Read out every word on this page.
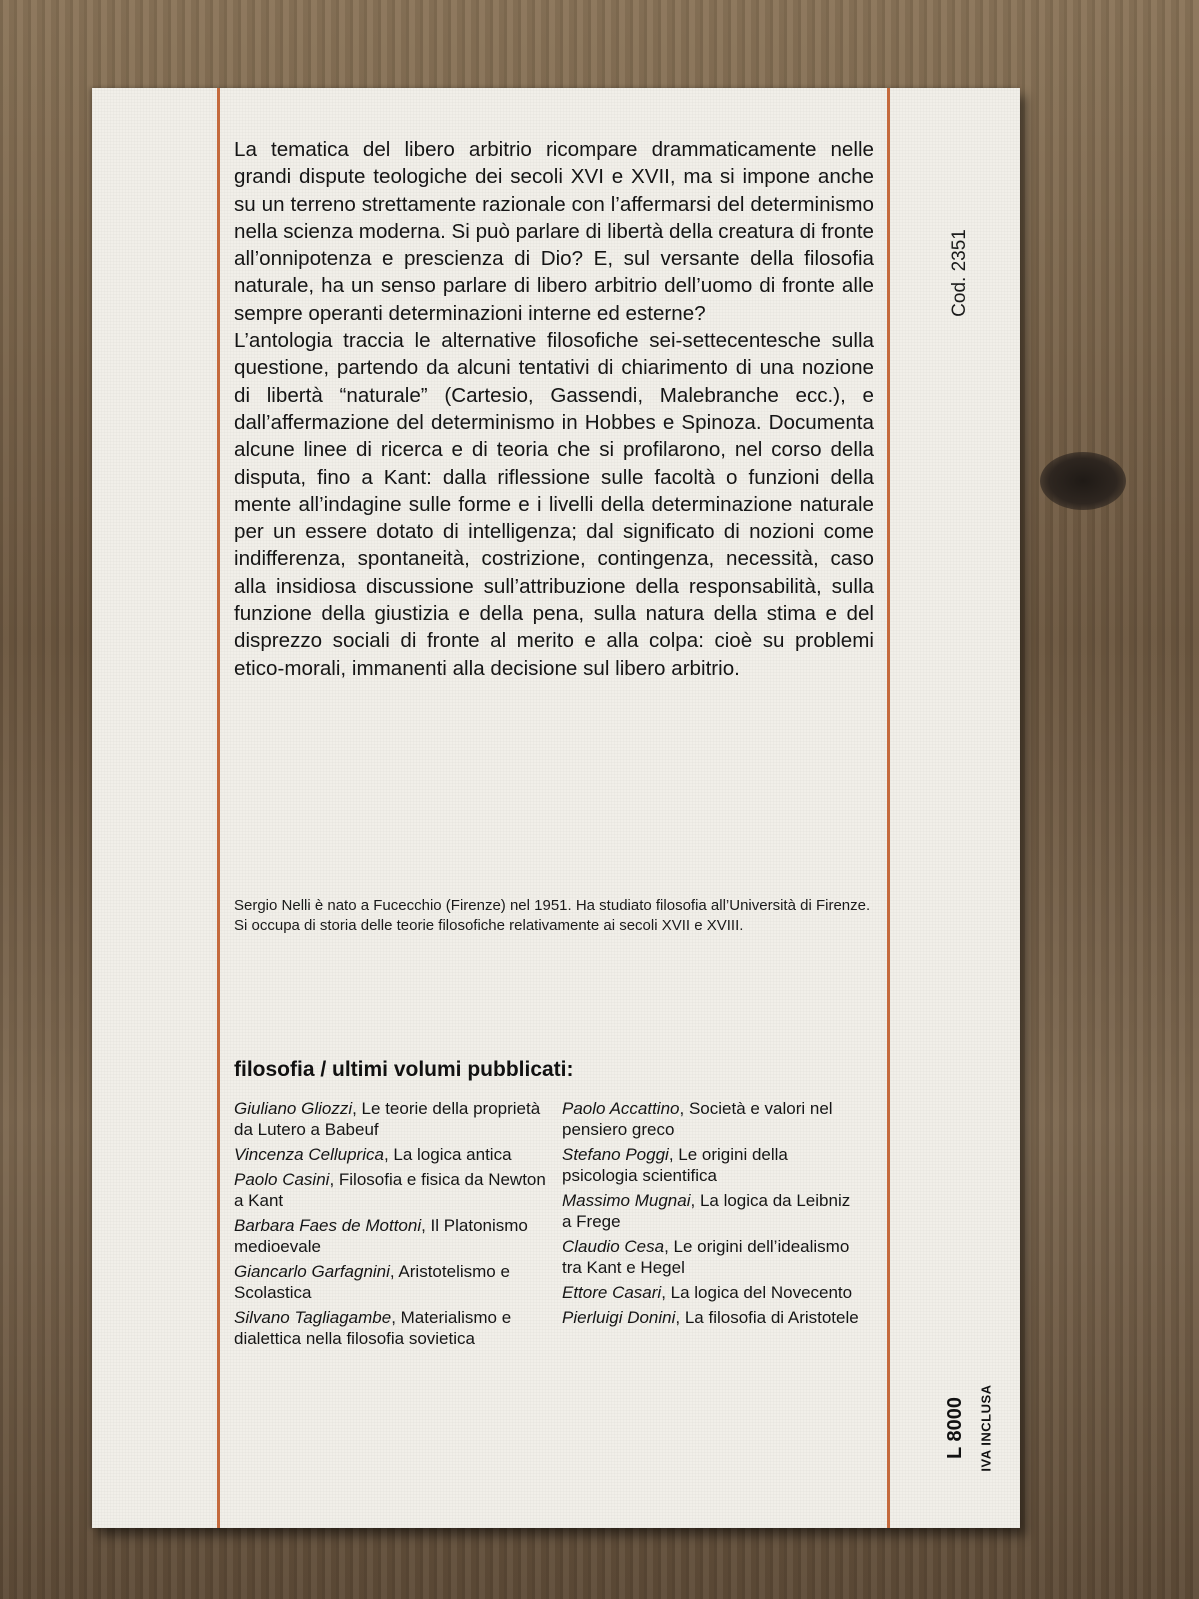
La tematica del libero arbitrio ricompare drammaticamente nelle grandi dispute teologiche dei secoli XVI e XVII, ma si impone anche su un terreno strettamente razionale con l’affermarsi del determinismo nella scienza moderna. Si può parlare di libertà della creatura di fronte all’onnipotenza e prescienza di Dio? E, sul versante della filosofia naturale, ha un senso parlare di libero arbitrio dell’uomo di fronte alle sempre operanti determinazioni interne ed esterne?

L’antologia traccia le alternative filosofiche sei-settecentesche sulla questione, partendo da alcuni tentativi di chiarimento di una nozione di libertà “naturale” (Cartesio, Gassendi, Malebranche ecc.), e dall’affermazione del determinismo in Hobbes e Spinoza. Documenta alcune linee di ricerca e di teoria che si profilarono, nel corso della disputa, fino a Kant: dalla riflessione sulle facoltà o funzioni della mente all’indagine sulle forme e i livelli della determinazione naturale per un essere dotato di intelligenza; dal significato di nozioni come indifferenza, spontaneità, costrizione, contingenza, necessità, caso alla insidiosa discussione sull’attribuzione della responsabilità, sulla funzione della giustizia e della pena, sulla natura della stima e del disprezzo sociali di fronte al merito e alla colpa: cioè su problemi etico-morali, immanenti alla decisione sul libero arbitrio.

Sergio Nelli è nato a Fucecchio (Firenze) nel 1951. Ha studiato filosofia all’Università di Firenze. Si occupa di storia delle teorie filosofiche relativamente ai secoli XVII e XVIII.
filosofia / ultimi volumi pubblicati:
Giuliano Gliozzi, Le teorie della proprietà da Lutero a Babeuf
Vincenza Celluprica, La logica antica
Paolo Casini, Filosofia e fisica da Newton a Kant
Barbara Faes de Mottoni, Il Platonismo medioevale
Giancarlo Garfagnini, Aristotelismo e Scolastica
Silvano Tagliagambe, Materialismo e dialettica nella filosofia sovietica
Paolo Accattino, Società e valori nel pensiero greco
Stefano Poggi, Le origini della psicologia scientifica
Massimo Mugnai, La logica da Leibniz a Frege
Claudio Cesa, Le origini dell’idealismo tra Kant e Hegel
Ettore Casari, La logica del Novecento
Pierluigi Donini, La filosofia di Aristotele
Cod. 2351
L 8000 IVA INCLUSA
